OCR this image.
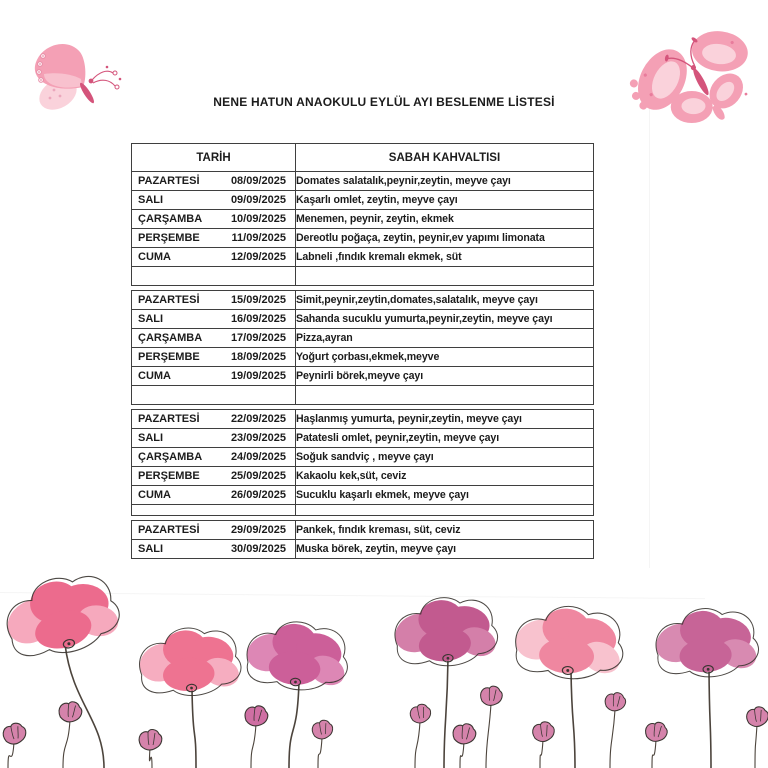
NENE HATUN ANAOKULU EYLÜL AYI BESLENME LİSTESİ
TARİH	SABAH KAHVALTISI

PAZARTESİ 08/09/2025	Domates salatalık,peynir,zeytin, meyve çayı

SALI 09/09/2025	Kaşarlı omlet, zeytin, meyve çayı

ÇARŞAMBA 10/09/2025	Menemen, peynir, zeytin, ekmek

PERŞEMBE 11/09/2025	Dereotlu poğaça, zeytin, peynir,ev yapımı limonata

CUMA 12/09/2025	Labneli ,fındık kremalı ekmek, süt

PAZARTESİ 15/09/2025	Simit,peynir,zeytin,domates,salatalık, meyve çayı

SALI 16/09/2025	Sahanda sucuklu yumurta,peynir,zeytin, meyve çayı

ÇARŞAMBA 17/09/2025	Pizza,ayran

PERŞEMBE 18/09/2025	Yoğurt çorbası,ekmek,meyve

CUMA 19/09/2025	Peynirli börek,meyve çayı

PAZARTESİ 22/09/2025	Haşlanmış yumurta, peynir,zeytin, meyve çayı

SALI 23/09/2025	Patatesli omlet, peynir,zeytin, meyve çayı

ÇARŞAMBA 24/09/2025	Soğuk sandviç , meyve çayı

PERŞEMBE 25/09/2025	Kakaolu kek,süt, ceviz

CUMA 26/09/2025	Sucuklu kaşarlı ekmek, meyve çayı

PAZARTESİ 29/09/2025	Pankek, fındık kreması, süt, ceviz

SALI 30/09/2025	Muska börek, zeytin, meyve çayı
